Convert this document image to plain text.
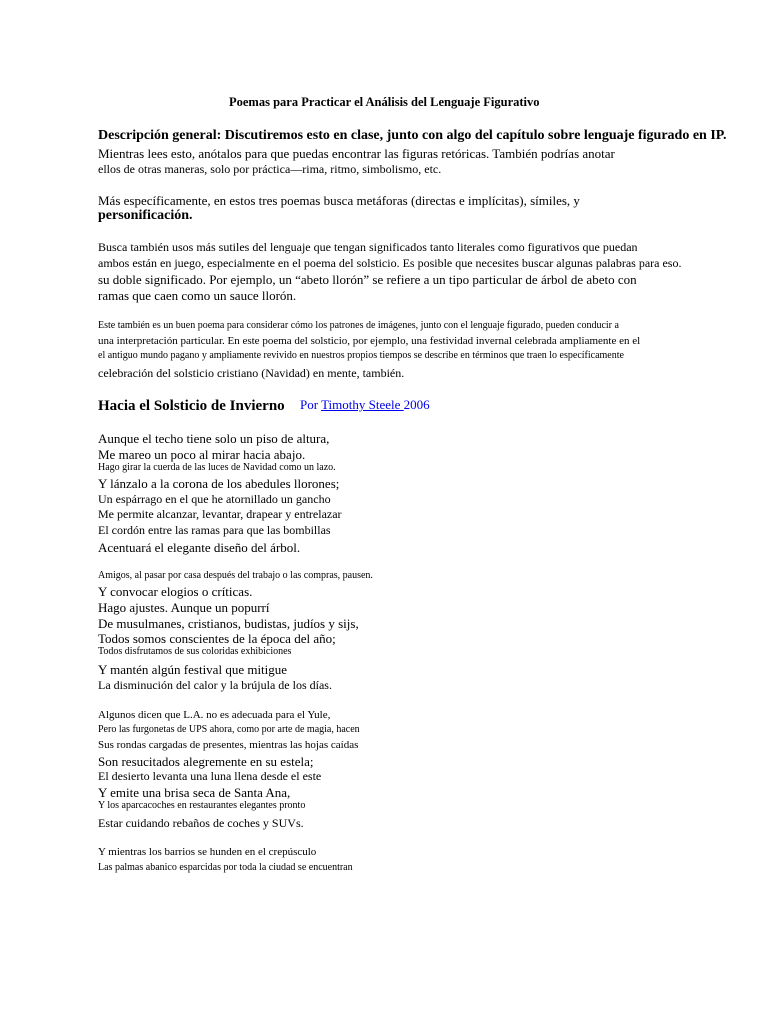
Poemas para Practicar el Análisis del Lenguaje Figurativo
Descripción general: Discutiremos esto en clase, junto con algo del capítulo sobre lenguaje figurado en IP.
Mientras lees esto, anótalos para que puedas encontrar las figuras retóricas. También podrías anotar
ellos de otras maneras, solo por práctica—rima, ritmo, simbolismo, etc.
Más específicamente, en estos tres poemas busca metáforas (directas e implícitas), símiles, y
personificación.
Busca también usos más sutiles del lenguaje que tengan significados tanto literales como figurativos que puedan
ambos están en juego, especialmente en el poema del solsticio. Es posible que necesites buscar algunas palabras para eso.
su doble significado. Por ejemplo, un “abeto llorón” se refiere a un tipo particular de árbol de abeto con
ramas que caen como un sauce llorón.
Este también es un buen poema para considerar cómo los patrones de imágenes, junto con el lenguaje figurado, pueden conducir a
una interpretación particular. En este poema del solsticio, por ejemplo, una festividad invernal celebrada ampliamente en el
el antiguo mundo pagano y ampliamente revivido en nuestros propios tiempos se describe en términos que traen lo específicamente
celebración del solsticio cristiano (Navidad) en mente, también.
Hacia el Solsticio de Invierno Por Timothy Steele 2006
Aunque el techo tiene solo un piso de altura,
Me mareo un poco al mirar hacia abajo.
Hago girar la cuerda de las luces de Navidad como un lazo.
Y lánzalo a la corona de los abedules llorones;
Un espárrago en el que he atornillado un gancho
Me permite alcanzar, levantar, drapear y entrelazar
El cordón entre las ramas para que las bombillas
Acentuará el elegante diseño del árbol.
Amigos, al pasar por casa después del trabajo o las compras, pausen.
Y convocar elogios o críticas.
Hago ajustes. Aunque un popurrí
De musulmanes, cristianos, budistas, judíos y sijs,
Todos somos conscientes de la época del año;
Todos disfrutamos de sus coloridas exhibiciones
Y mantén algún festival que mitigue
La disminución del calor y la brújula de los días.
Algunos dicen que L.A. no es adecuada para el Yule,
Pero las furgonetas de UPS ahora, como por arte de magia, hacen
Sus rondas cargadas de presentes, mientras las hojas caídas
Son resucitados alegremente en su estela;
El desierto levanta una luna llena desde el este
Y emite una brisa seca de Santa Ana,
Y los aparcacoches en restaurantes elegantes pronto
Estar cuidando rebaños de coches y SUVs.
Y mientras los barrios se hunden en el crepúsculo
Las palmas abanico esparcidas por toda la ciudad se encuentran
